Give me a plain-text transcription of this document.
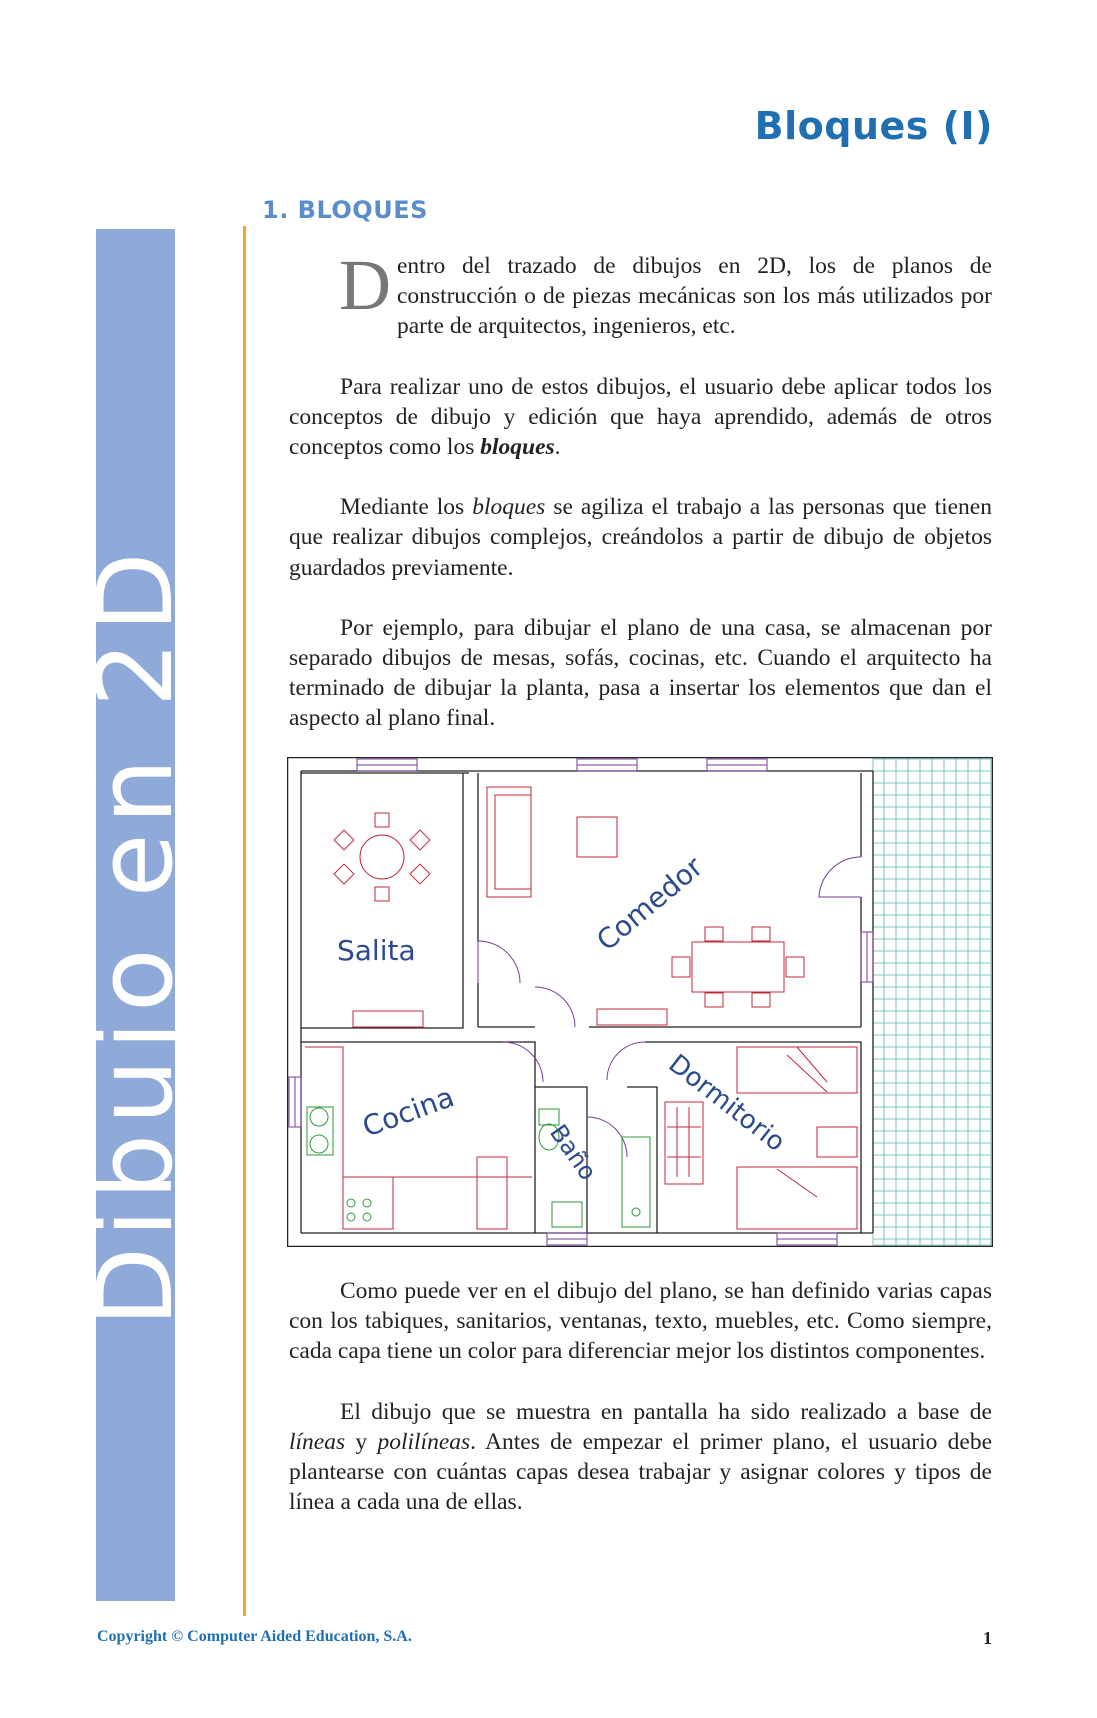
Bloques (I)
Dibujo en 2D
1. BLOQUES

Dentro del trazado de dibujos en 2D, los de planos de construcción o de piezas mecánicas son los más utilizados por parte de arquitectos, ingenieros, etc.

Para realizar uno de estos dibujos, el usuario debe aplicar todos los conceptos de dibujo y edición que haya aprendido, además de otros conceptos como los bloques.

Mediante los bloques se agiliza el trabajo a las personas que tienen que realizar dibujos complejos, creándolos a partir de dibujo de objetos guardados previamente.

Por ejemplo, para dibujar el plano de una casa, se almacenan por separado dibujos de mesas, sofás, cocinas, etc. Cuando el arquitecto ha terminado de dibujar la planta, pasa a insertar los elementos que dan el aspecto al plano final.

Salita	Comedor
Cocina	Dormitorio
Baño

Como puede ver en el dibujo del plano, se han definido varias capas con los tabiques, sanitarios, ventanas, texto, muebles, etc. Como siempre, cada capa tiene un color para diferenciar mejor los distintos componentes.

El dibujo que se muestra en pantalla ha sido realizado a base de líneas y polilíneas. Antes de empezar el primer plano, el usuario debe plantearse con cuántas capas desea trabajar y asignar colores y tipos de línea a cada una de ellas.

Copyright © Computer Aided Education, S.A.	1
